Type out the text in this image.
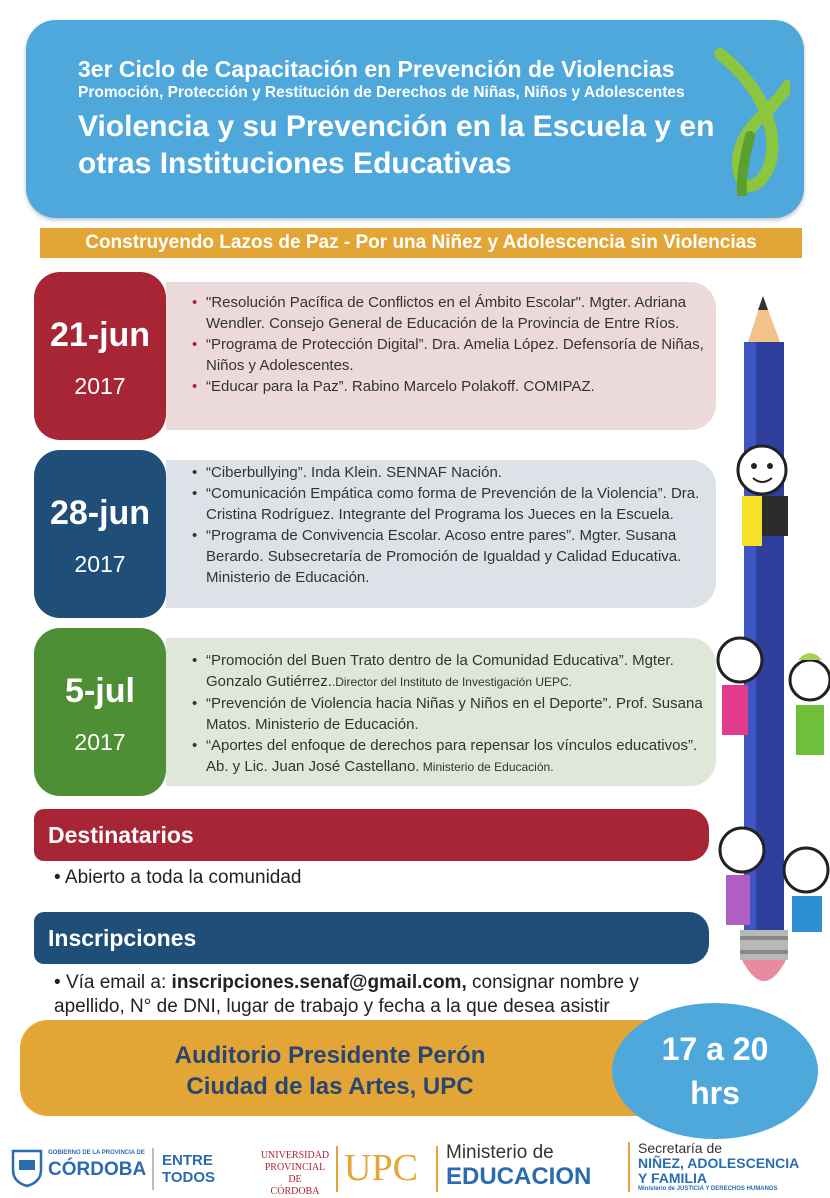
3er Ciclo de Capacitación en Prevención de Violencias
Promoción, Protección y Restitución de Derechos de Niñas, Niños y Adolescentes
Violencia y su Prevención en la Escuela y en otras Instituciones Educativas
Construyendo Lazos de Paz - Por una Niñez y Adolescencia sin Violencias
• "Resolución Pacífica de Conflictos en el Ámbito Escolar". Mgter. Adriana Wendler. Consejo General de Educación de la Provincia de Entre Ríos.
• “Programa de Protección Digital”. Dra. Amelia López. Defensoría de Niñas, Niños y Adolescentes.
• “Educar para la Paz”. Rabino Marcelo Polakoff. COMIPAZ.
21-jun
2017
• “Ciberbullying”. Inda Klein. SENNAF Nación.
• “Comunicación Empática como forma de Prevención de la Violencia”. Dra. Cristina Rodríguez. Integrante del Programa los Jueces en la Escuela.
• “Programa de Convivencia Escolar. Acoso entre pares”. Mgter. Susana Berardo. Subsecretaría de Promoción de Igualdad y Calidad Educativa. Ministerio de Educación.
28-jun
2017
• “Promoción del Buen Trato dentro de la Comunidad Educativa”. Mgter. Gonzalo Gutiérrez..Director del Instituto de Investigación UEPC.
• “Prevención de Violencia hacia Niñas y Niños en el Deporte”. Prof. Susana Matos. Ministerio de Educación.
• “Aportes del enfoque de derechos para repensar los vínculos educativos”. Ab. y Lic. Juan José Castellano. Ministerio de Educación.
5-jul
2017
Destinatarios
• Abierto a toda la comunidad
Inscripciones
• Vía email a: inscripciones.senaf@gmail.com, consignar nombre y apellido, N° de DNI, lugar de trabajo y fecha a la que desea asistir
Auditorio Presidente Perón
Ciudad de las Artes, UPC
17 a 20
hrs
GOBIERNO DE LA PROVINCIA DE
CÓRDOBA ENTRE
TODOS
UNIVERSIDAD
PROVINCIAL DE
CÓRDOBA
UPC Ministerio de
EDUCACION
Secretaría de
NIÑEZ, ADOLESCENCIA
Y FAMILIA
Ministerio de JUSTICIA Y DERECHOS HUMANOS
